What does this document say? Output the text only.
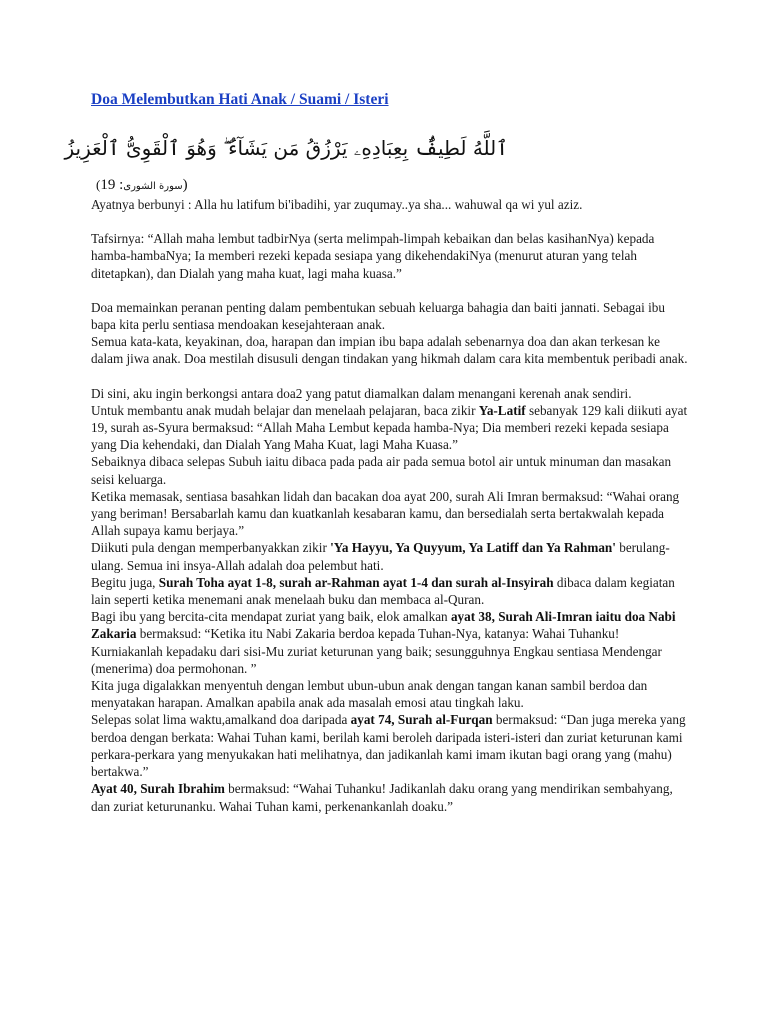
Doa Melembutkan Hati Anak / Suami / Isteri
ٱللَّهُ لَطِيفٌۢ بِعِبَادِهِۦ يَرْزُقُ مَن يَشَآءُ ۖ وَهُوَ ٱلْقَوِىُّ ٱلْعَزِيزُ
( سورة الشورى: 19)

Ayatnya berbunyi : Alla hu latifum bi'ibadihi, yar zuqumay..ya sha... wahuwal qa wi yul aziz.

Tafsirnya: “Allah maha lembut tadbirNya (serta melimpah-limpah kebaikan dan belas kasihanNya) kepada hamba-hambaNya; Ia memberi rezeki kepada sesiapa yang dikehendakiNya (menurut aturan yang telah ditetapkan), dan Dialah yang maha kuat, lagi maha kuasa.”

Doa memainkan peranan penting dalam pembentukan sebuah keluarga bahagia dan baiti jannati. Sebagai ibu bapa kita perlu sentiasa mendoakan kesejahteraan anak.

Semua kata-kata, keyakinan, doa, harapan dan impian ibu bapa adalah sebenarnya doa dan akan terkesan ke dalam jiwa anak. Doa mestilah disusuli dengan tindakan yang hikmah dalam cara kita membentuk peribadi anak.

Di sini, aku ingin berkongsi antara doa2 yang patut diamalkan dalam menangani kerenah anak sendiri.

Untuk membantu anak mudah belajar dan menelaah pelajaran, baca zikir Ya-Latif sebanyak 129 kali diikuti ayat 19, surah as-Syura bermaksud: “Allah Maha Lembut kepada hamba-Nya; Dia memberi rezeki kepada sesiapa yang Dia kehendaki, dan Dialah Yang Maha Kuat, lagi Maha Kuasa.”

Sebaiknya dibaca selepas Subuh iaitu dibaca pada pada air pada semua botol air untuk minuman dan masakan seisi keluarga.

Ketika memasak, sentiasa basahkan lidah dan bacakan doa ayat 200, surah Ali Imran bermaksud: “Wahai orang yang beriman! Bersabarlah kamu dan kuatkanlah kesabaran kamu, dan bersedialah serta bertakwalah kepada Allah supaya kamu berjaya.”

Diikuti pula dengan memperbanyakkan zikir 'Ya Hayyu, Ya Quyyum, Ya Latiff dan Ya Rahman' berulang-ulang. Semua ini insya-Allah adalah doa pelembut hati.

Begitu juga, Surah Toha ayat 1-8, surah ar-Rahman ayat 1-4 dan surah al-Insyirah dibaca dalam kegiatan lain seperti ketika menemani anak menelaah buku dan membaca al-Quran.

Bagi ibu yang bercita-cita mendapat zuriat yang baik, elok amalkan ayat 38, Surah Ali-Imran iaitu doa Nabi Zakaria bermaksud: “Ketika itu Nabi Zakaria berdoa kepada Tuhan-Nya, katanya: Wahai Tuhanku! Kurniakanlah kepadaku dari sisi-Mu zuriat keturunan yang baik; sesungguhnya Engkau sentiasa Mendengar (menerima) doa permohonan. ”

Kita juga digalakkan menyentuh dengan lembut ubun-ubun anak dengan tangan kanan sambil berdoa dan menyatakan harapan. Amalkan apabila anak ada masalah emosi atau tingkah laku.

Selepas solat lima waktu,amalkand doa daripada ayat 74, Surah al-Furqan bermaksud: “Dan juga mereka yang berdoa dengan berkata: Wahai Tuhan kami, berilah kami beroleh daripada isteri-isteri dan zuriat keturunan kami perkara-perkara yang menyukakan hati melihatnya, dan jadikanlah kami imam ikutan bagi orang yang (mahu) bertakwa.”

Ayat 40, Surah Ibrahim bermaksud: “Wahai Tuhanku! Jadikanlah daku orang yang mendirikan sembahyang, dan zuriat keturunanku. Wahai Tuhan kami, perkenankanlah doaku.”
